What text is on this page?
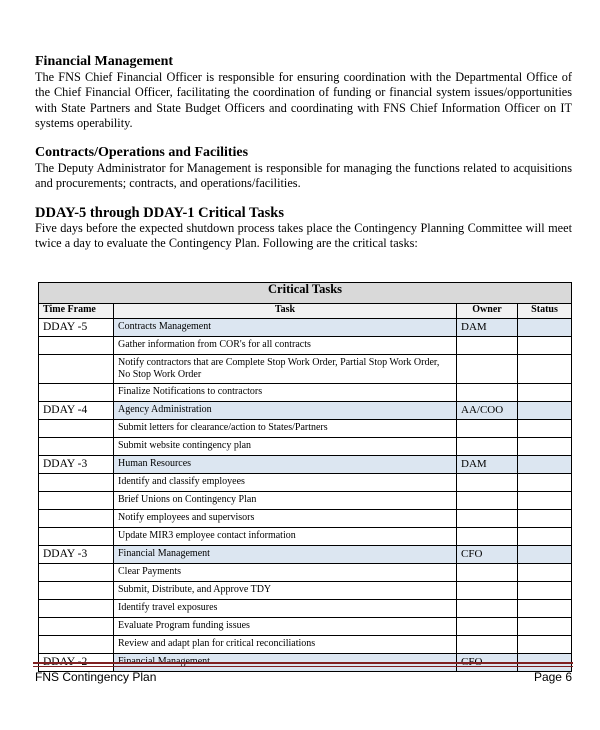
Financial Management

The FNS Chief Financial Officer is responsible for ensuring coordination with the Departmental Office of the Chief Financial Officer, facilitating the coordination of funding or financial system issues/opportunities with State Partners and State Budget Officers and coordinating with FNS Chief Information Officer on IT systems operability.

Contracts/Operations and Facilities

The Deputy Administrator for Management is responsible for managing the functions related to acquisitions and procurements; contracts, and operations/facilities.

DDAY-5 through DDAY-1 Critical Tasks

Five days before the expected shutdown process takes place the Contingency Planning Committee will meet twice a day to evaluate the Contingency Plan. Following are the critical tasks:

Critical Tasks			
Time Frame	Task	Owner	Status
DDAY -5	Contracts Management	DAM	
	Gather information from COR's for all contracts		
	Notify contractors that are Complete Stop Work Order, Partial Stop Work Order, No Stop Work Order		
	Finalize Notifications to contractors		
DDAY -4	Agency Administration	AA/COO	
	Submit letters for clearance/action to States/Partners		
	Submit website contingency plan		
DDAY -3	Human Resources	DAM	
	Identify and classify employees		
	Brief Unions on Contingency Plan		
	Notify employees and supervisors		
	Update MIR3 employee contact information		
DDAY -3	Financial Management	CFO	
	Clear Payments		
	Submit, Distribute, and Approve TDY		
	Identify travel exposures		
	Evaluate Program funding issues		
	Review and adapt plan for critical reconciliations		

FNS Contingency Plan	Page 6
